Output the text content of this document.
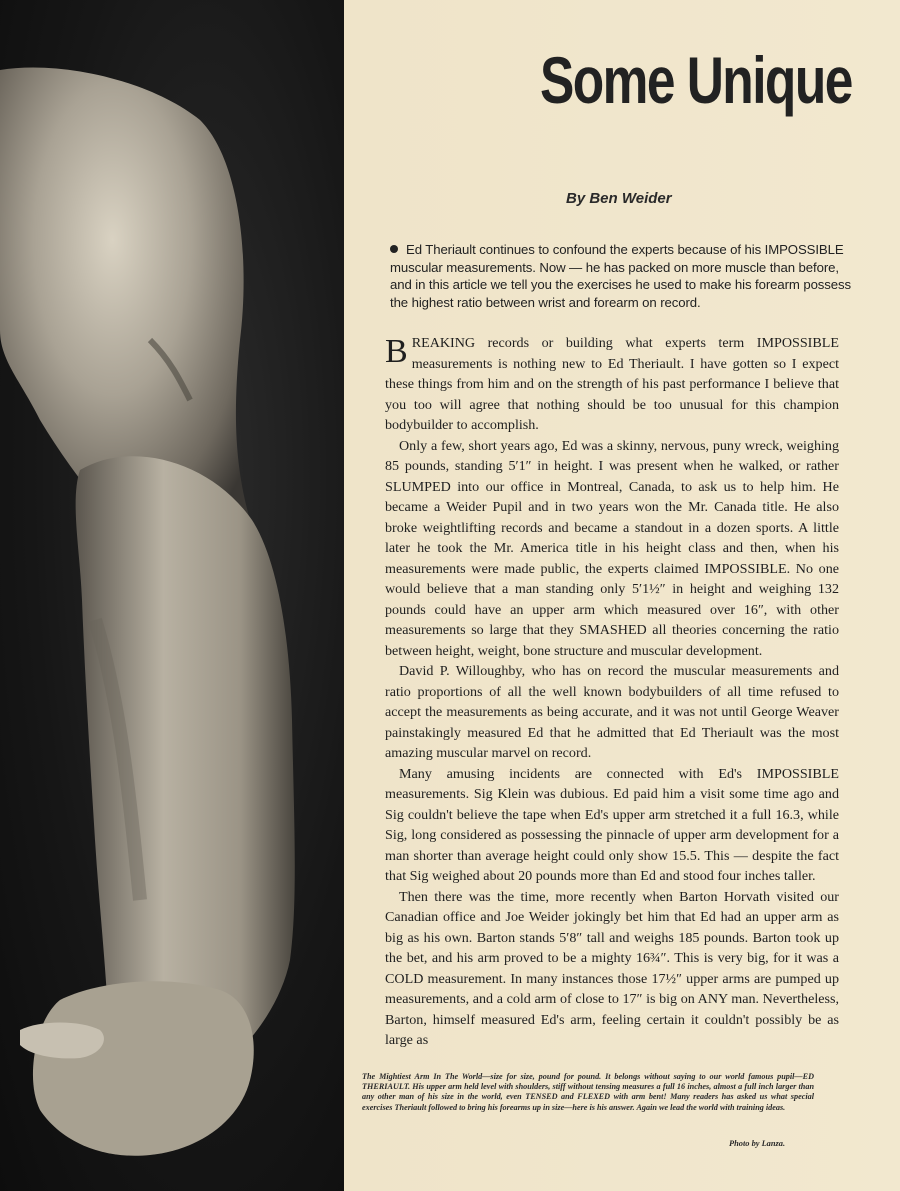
Some Unique
By Ben Weider
Ed Theriault continues to confound the experts because of his IMPOSSIBLE muscular measurements. Now — he has packed on more muscle than before, and in this article we tell you the exercises he used to make his forearm possess the highest ratio between wrist and forearm on record.

BREAKING records or building what experts term IMPOSSIBLE measurements is nothing new to Ed Theriault. I have gotten so I expect these things from him and on the strength of his past performance I believe that you too will agree that nothing should be too unusual for this champion bodybuilder to accomplish.

Only a few, short years ago, Ed was a skinny, nervous, puny wreck, weighing 85 pounds, standing 5′1″ in height. I was present when he walked, or rather SLUMPED into our office in Montreal, Canada, to ask us to help him. He became a Weider Pupil and in two years won the Mr. Canada title. He also broke weightlifting records and became a standout in a dozen sports. A little later he took the Mr. America title in his height class and then, when his measurements were made public, the experts claimed IMPOSSIBLE. No one would believe that a man standing only 5′1½″ in height and weighing 132 pounds could have an upper arm which measured over 16″, with other measurements so large that they SMASHED all theories concerning the ratio between height, weight, bone structure and muscular development.

David P. Willoughby, who has on record the muscular measurements and ratio proportions of all the well known bodybuilders of all time refused to accept the measurements as being accurate, and it was not until George Weaver painstakingly measured Ed that he admitted that Ed Theriault was the most amazing muscular marvel on record.

Many amusing incidents are connected with Ed's IMPOSSIBLE measurements. Sig Klein was dubious. Ed paid him a visit some time ago and Sig couldn't believe the tape when Ed's upper arm stretched it a full 16.3, while Sig, long considered as possessing the pinnacle of upper arm development for a man shorter than average height could only show 15.5. This — despite the fact that Sig weighed about 20 pounds more than Ed and stood four inches taller.

Then there was the time, more recently when Barton Horvath visited our Canadian office and Joe Weider jokingly bet him that Ed had an upper arm as big as his own. Barton stands 5′8″ tall and weighs 185 pounds. Barton took up the bet, and his arm proved to be a mighty 16¾″. This is very big, for it was a COLD measurement. In many instances those 17½″ upper arms are pumped up measurements, and a cold arm of close to 17″ is big on ANY man. Nevertheless, Barton, himself measured Ed's arm, feeling certain it couldn't possibly be as large as

The Mightiest Arm In The World—size for size, pound for pound. It belongs without saying to our world famous pupil—ED THERIAULT. His upper arm held level with shoulders, stiff without tensing measures a full 16 inches, almost a full inch larger than any other man of his size in the world, even TENSED and FLEXED with arm bent! Many readers has asked us what special exercises Theriault followed to bring his forearms up in size—here is his answer. Again we lead the world with training ideas.
Photo by Lanza.
